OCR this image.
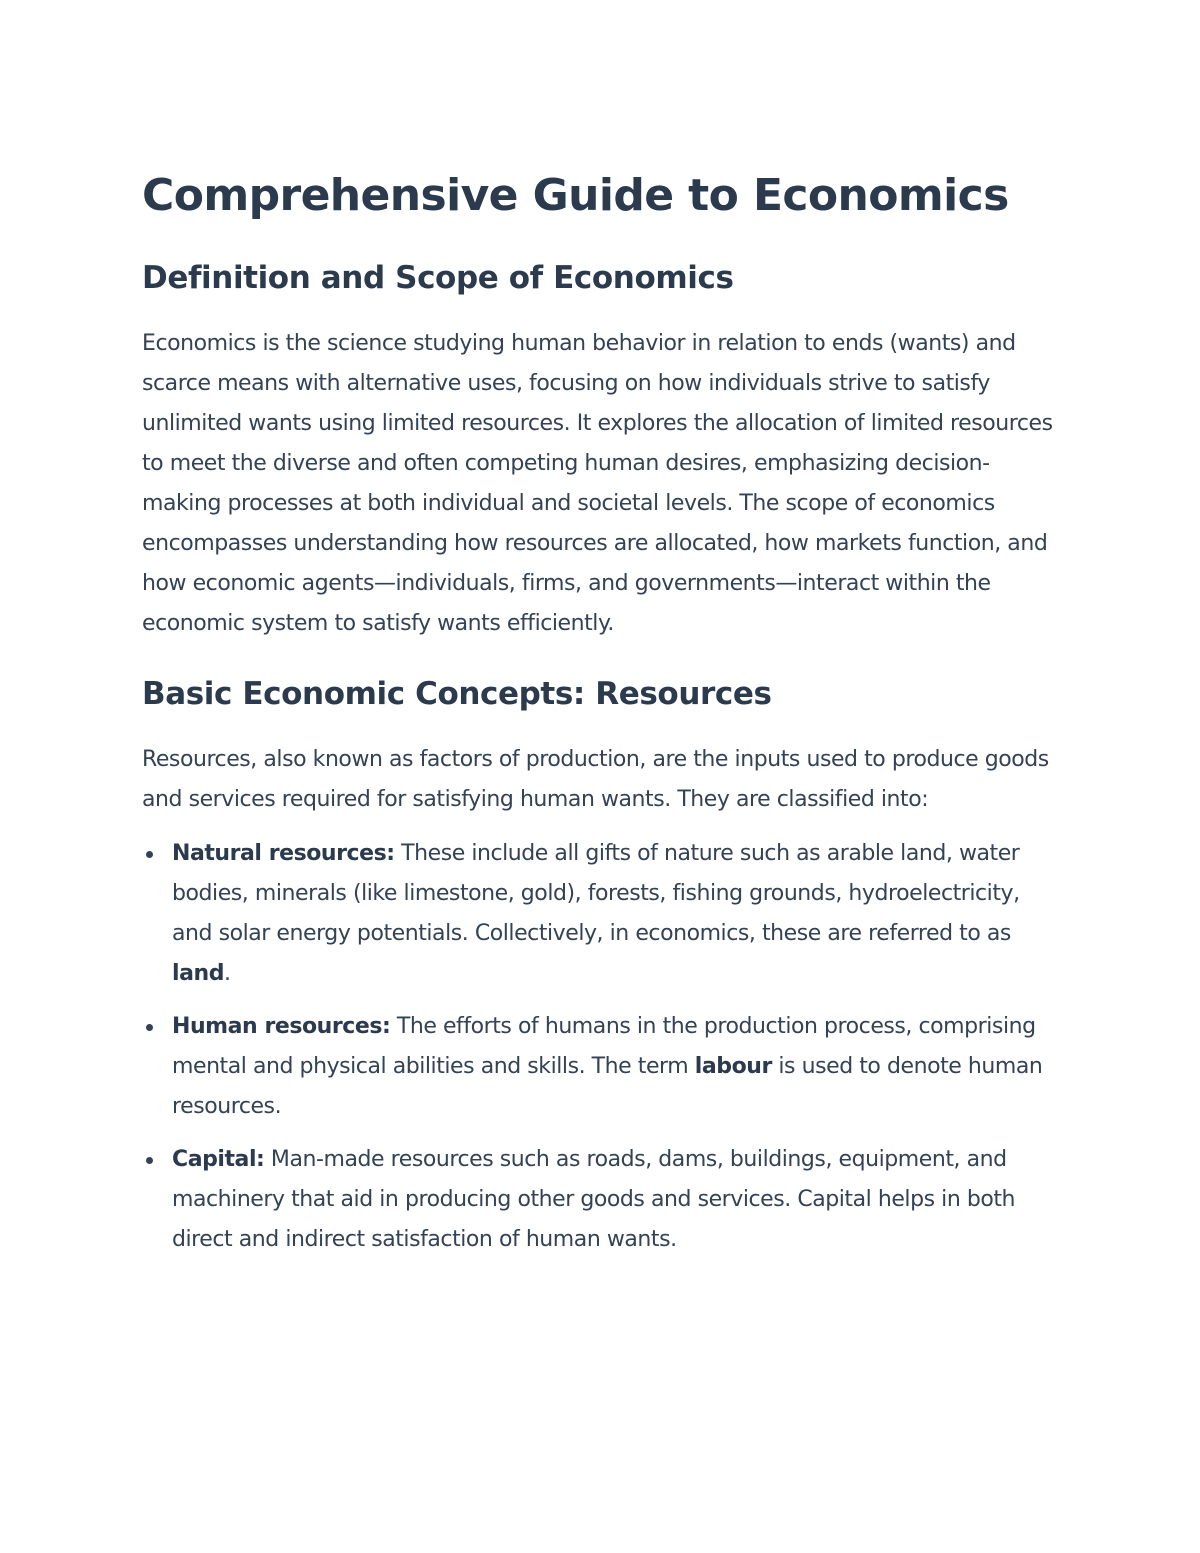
Comprehensive Guide to Economics
Definition and Scope of Economics

Economics is the science studying human behavior in relation to ends (wants) and scarce means with alternative uses, focusing on how individuals strive to satisfy unlimited wants using limited resources. It explores the allocation of limited resources to meet the diverse and often competing human desires, emphasizing decision-making processes at both individual and societal levels. The scope of economics encompasses understanding how resources are allocated, how markets function, and how economic agents—individuals, firms, and governments—interact within the economic system to satisfy wants efficiently.

Basic Economic Concepts: Resources

Resources, also known as factors of production, are the inputs used to produce goods and services required for satisfying human wants. They are classified into:

Natural resources: These include all gifts of nature such as arable land, water bodies, minerals (like limestone, gold), forests, fishing grounds, hydroelectricity, and solar energy potentials. Collectively, in economics, these are referred to as land.
Human resources: The efforts of humans in the production process, comprising mental and physical abilities and skills. The term labour is used to denote human resources.
Capital: Man-made resources such as roads, dams, buildings, equipment, and machinery that aid in producing other goods and services. Capital helps in both direct and indirect satisfaction of human wants.
